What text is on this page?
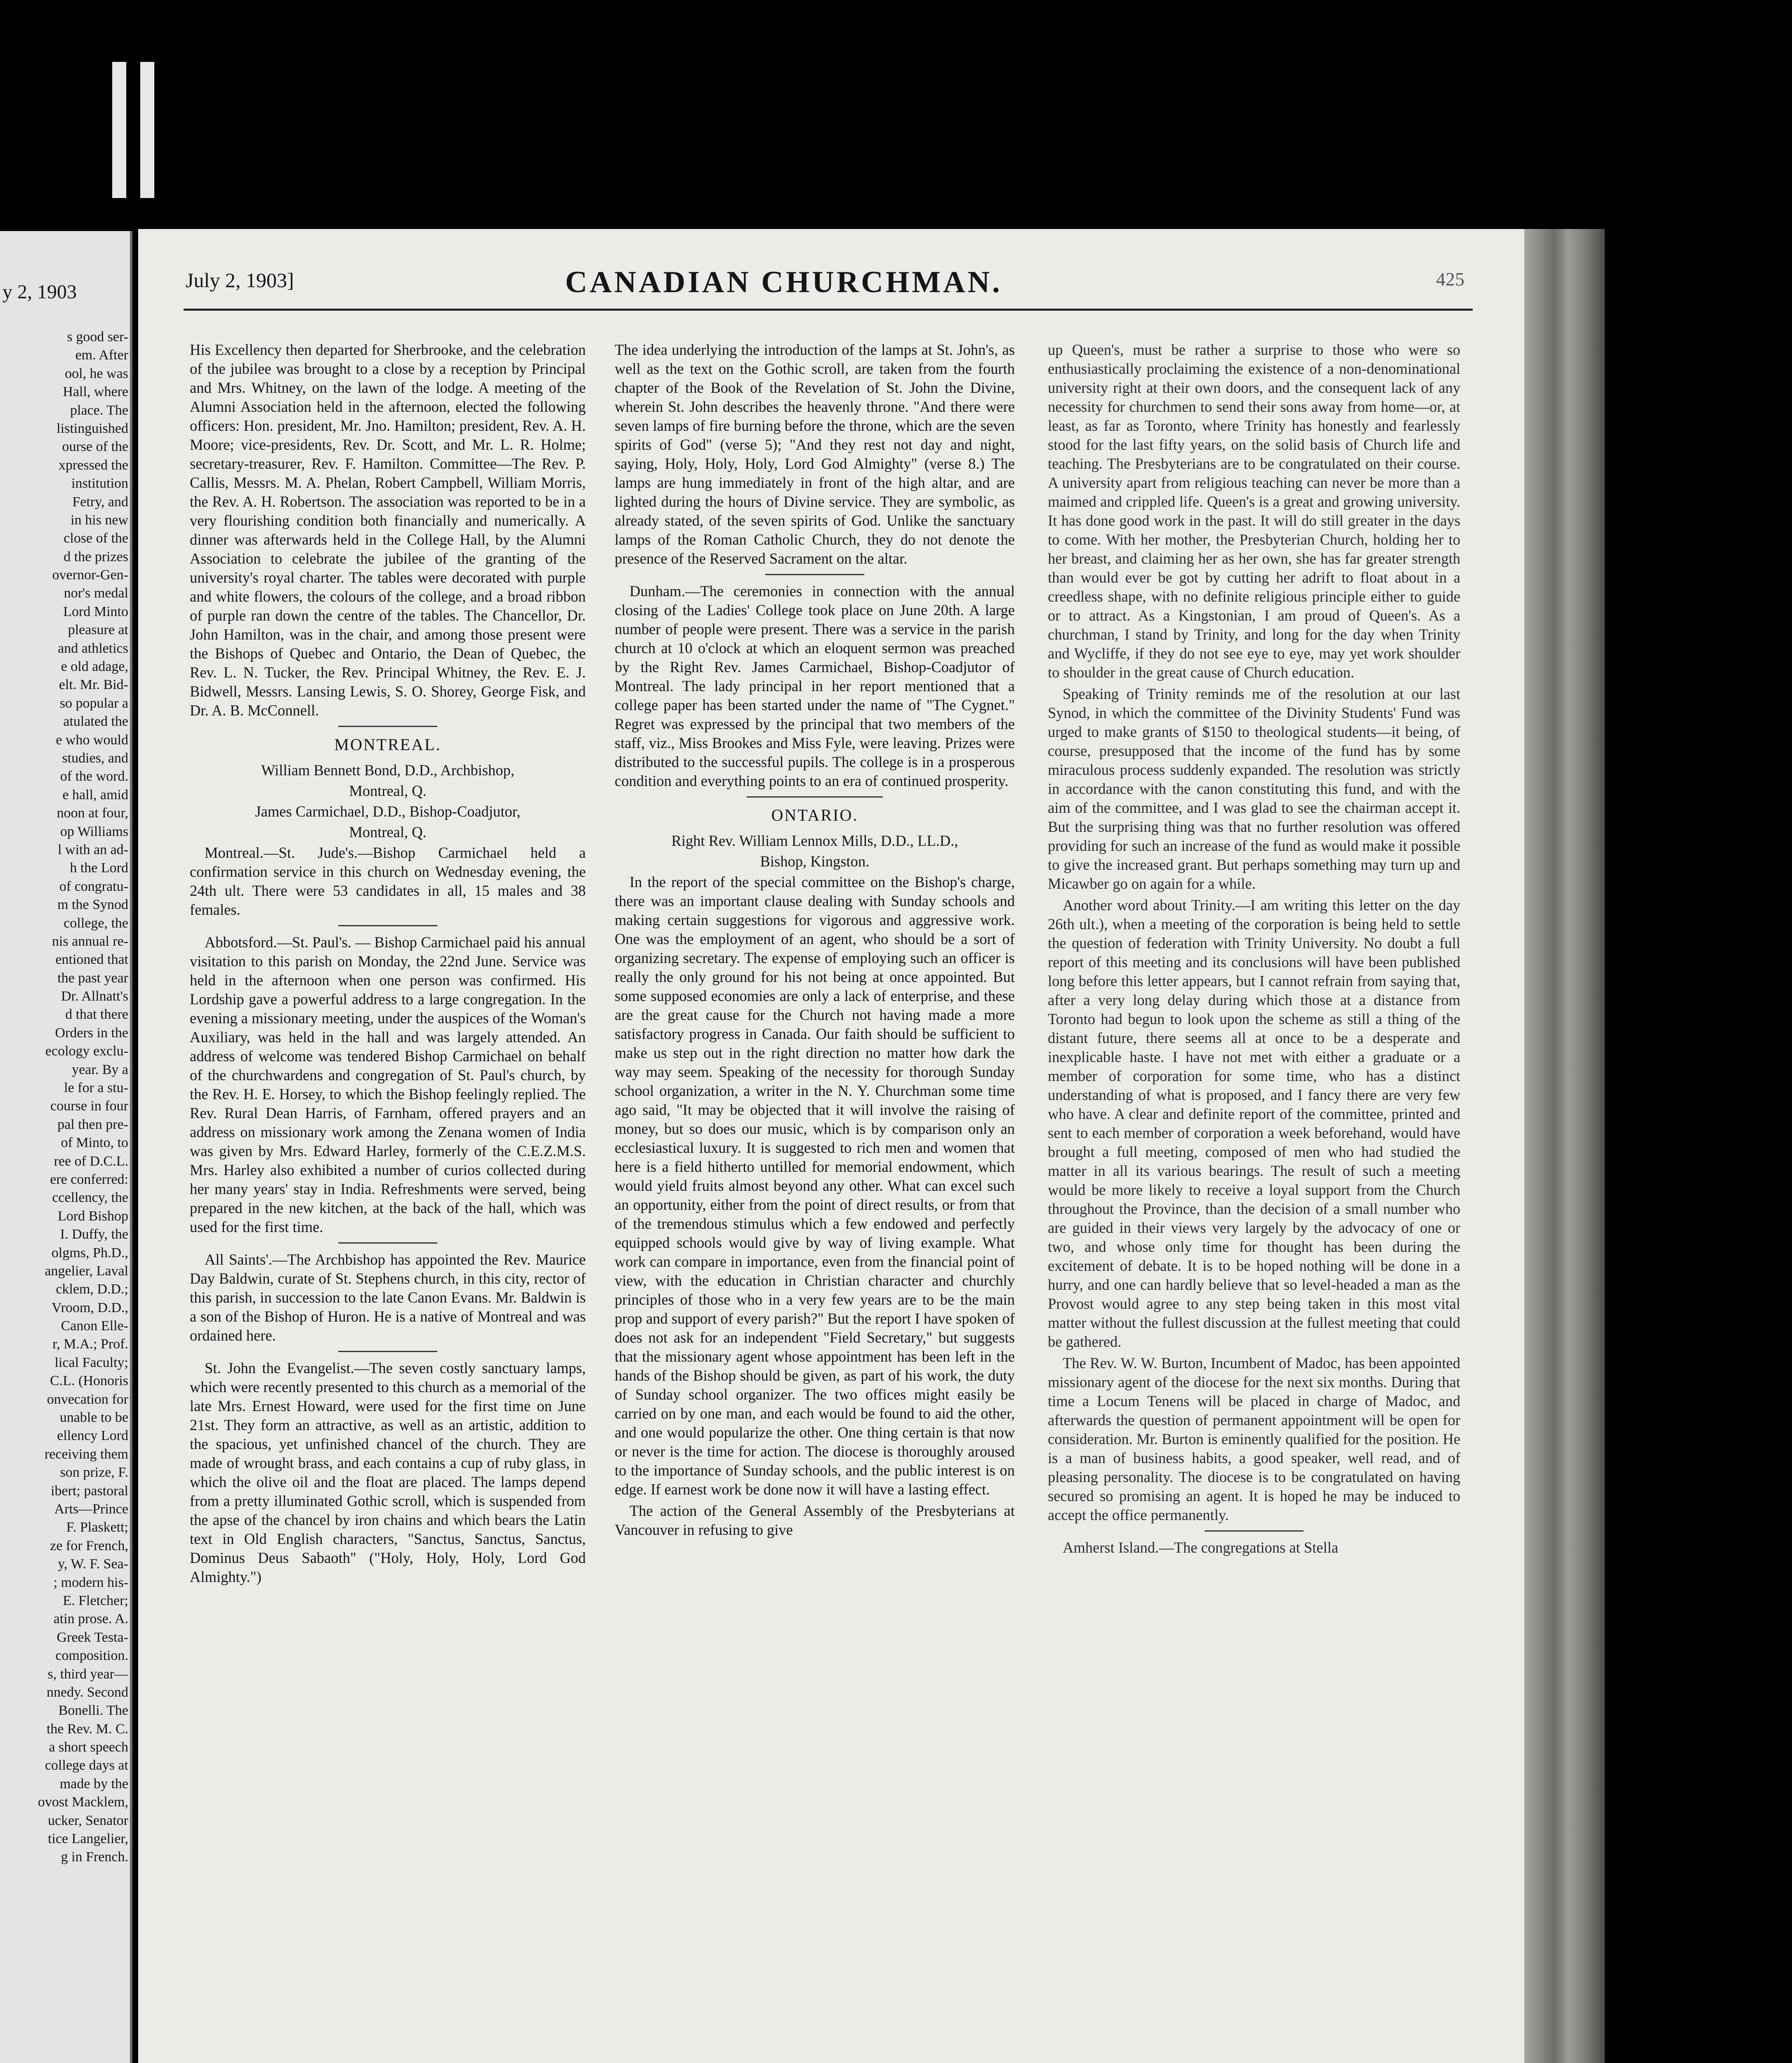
y 2, 1903
s good ser-
em. After
ool, he was
Hall, where
place. The
listinguished
ourse of the
xpressed the
institution
Fetry, and
in his new
close of the
d the prizes
overnor-Gen-
nor's medal
Lord Minto
pleasure at
and athletics
e old adage,
elt. Mr. Bid-
so popular a
atulated the
e who would
studies, and
of the word.
e hall, amid
noon at four,
op Williams
l with an ad-
h the Lord
of congratu-
m the Synod
college, the
nis annual re-
entioned that
the past year
Dr. Allnatt's
d that there
Orders in the
ecology exclu-
year. By a
le for a stu-
course in four
pal then pre-
of Minto, to
ree of D.C.L.
ere conferred:
ccellency, the
Lord Bishop
I. Duffy, the
olgms, Ph.D.,
angelier, Laval
cklem, D.D.;
Vroom, D.D.,
Canon Elle-
r, M.A.; Prof.
lical Faculty;
C.L. (Honoris
onvecation for
unable to be
ellency Lord
receiving them
son prize, F.
ibert; pastoral
Arts—Prince
F. Plaskett;
ze for French,
y, W. F. Sea-
; modern his-
E. Fletcher;
atin prose. A.
Greek Testa-
composition.
s, third year—
nnedy. Second
Bonelli. The
the Rev. M. C.
a short speech
college days at
made by the
ovost Macklem,
ucker, Senator
tice Langelier,
g in French.
July 2, 1903]	CANADIAN CHURCHMAN.	425

His Excellency then departed for Sherbrooke, and the celebration of the jubilee was brought to a close by a reception by Principal and Mrs. Whitney, on the lawn of the lodge. A meeting of the Alumni Association held in the afternoon, elected the following officers: Hon. president, Mr. Jno. Hamilton; president, Rev. A. H. Moore; vice-presidents, Rev. Dr. Scott, and Mr. L. R. Holme; secretary-treasurer, Rev. F. Hamilton. Committee—The Rev. P. Callis, Messrs. M. A. Phelan, Robert Campbell, William Morris, the Rev. A. H. Robertson. The association was reported to be in a very flourishing condition both financially and numerically. A dinner was afterwards held in the College Hall, by the Alumni Association to celebrate the jubilee of the granting of the university's royal charter. The tables were decorated with purple and white flowers, the colours of the college, and a broad ribbon of purple ran down the centre of the tables. The Chancellor, Dr. John Hamilton, was in the chair, and among those present were the Bishops of Quebec and Ontario, the Dean of Quebec, the Rev. L. N. Tucker, the Rev. Principal Whitney, the Rev. E. J. Bidwell, Messrs. Lansing Lewis, S. O. Shorey, George Fisk, and Dr. A. B. McConnell.

MONTREAL.

William Bennett Bond, D.D., Archbishop,

Montreal, Q.

James Carmichael, D.D., Bishop-Coadjutor,

Montreal, Q.

Montreal.—St. Jude's.—Bishop Carmichael held a confirmation service in this church on Wednesday evening, the 24th ult. There were 53 candidates in all, 15 males and 38 females.

Abbotsford.—St. Paul's. — Bishop Carmichael paid his annual visitation to this parish on Monday, the 22nd June. Service was held in the afternoon when one person was confirmed. His Lordship gave a powerful address to a large congregation. In the evening a missionary meeting, under the auspices of the Woman's Auxiliary, was held in the hall and was largely attended. An address of welcome was tendered Bishop Carmichael on behalf of the churchwardens and congregation of St. Paul's church, by the Rev. H. E. Horsey, to which the Bishop feelingly replied. The Rev. Rural Dean Harris, of Farnham, offered prayers and an address on missionary work among the Zenana women of India was given by Mrs. Edward Harley, formerly of the C.E.Z.M.S. Mrs. Harley also exhibited a number of curios collected during her many years' stay in India. Refreshments were served, being prepared in the new kitchen, at the back of the hall, which was used for the first time.

All Saints'.—The Archbishop has appointed the Rev. Maurice Day Baldwin, curate of St. Stephens church, in this city, rector of this parish, in succession to the late Canon Evans. Mr. Baldwin is a son of the Bishop of Huron. He is a native of Montreal and was ordained here.

St. John the Evangelist.—The seven costly sanctuary lamps, which were recently presented to this church as a memorial of the late Mrs. Ernest Howard, were used for the first time on June 21st. They form an attractive, as well as an artistic, addition to the spacious, yet unfinished chancel of the church. They are made of wrought brass, and each contains a cup of ruby glass, in which the olive oil and the float are placed. The lamps depend from a pretty illuminated Gothic scroll, which is suspended from the apse of the chancel by iron chains and which bears the Latin text in Old English characters, "Sanctus, Sanctus, Sanctus, Dominus Deus Sabaoth" ("Holy, Holy, Holy, Lord God Almighty.")

The idea underlying the introduction of the lamps at St. John's, as well as the text on the Gothic scroll, are taken from the fourth chapter of the Book of the Revelation of St. John the Divine, wherein St. John describes the heavenly throne. "And there were seven lamps of fire burning before the throne, which are the seven spirits of God" (verse 5); "And they rest not day and night, saying, Holy, Holy, Holy, Lord God Almighty" (verse 8.) The lamps are hung immediately in front of the high altar, and are lighted during the hours of Divine service. They are symbolic, as already stated, of the seven spirits of God. Unlike the sanctuary lamps of the Roman Catholic Church, they do not denote the presence of the Reserved Sacrament on the altar.

Dunham.—The ceremonies in connection with the annual closing of the Ladies' College took place on June 20th. A large number of people were present. There was a service in the parish church at 10 o'clock at which an eloquent sermon was preached by the Right Rev. James Carmichael, Bishop-Coadjutor of Montreal. The lady principal in her report mentioned that a college paper has been started under the name of "The Cygnet." Regret was expressed by the principal that two members of the staff, viz., Miss Brookes and Miss Fyle, were leaving. Prizes were distributed to the successful pupils. The college is in a prosperous condition and everything points to an era of continued prosperity.

ONTARIO.

Right Rev. William Lennox Mills, D.D., LL.D.,

Bishop, Kingston.

In the report of the special committee on the Bishop's charge, there was an important clause dealing with Sunday schools and making certain suggestions for vigorous and aggressive work. One was the employment of an agent, who should be a sort of organizing secretary. The expense of employing such an officer is really the only ground for his not being at once appointed. But some supposed economies are only a lack of enterprise, and these are the great cause for the Church not having made a more satisfactory progress in Canada. Our faith should be sufficient to make us step out in the right direction no matter how dark the way may seem. Speaking of the necessity for thorough Sunday school organization, a writer in the N. Y. Churchman some time ago said, "It may be objected that it will involve the raising of money, but so does our music, which is by comparison only an ecclesiastical luxury. It is suggested to rich men and women that here is a field hitherto untilled for memorial endowment, which would yield fruits almost beyond any other. What can excel such an opportunity, either from the point of direct results, or from that of the tremendous stimulus which a few endowed and perfectly equipped schools would give by way of living example. What work can compare in importance, even from the financial point of view, with the education in Christian character and churchly principles of those who in a very few years are to be the main prop and support of every parish?" But the report I have spoken of does not ask for an independent "Field Secretary," but suggests that the missionary agent whose appointment has been left in the hands of the Bishop should be given, as part of his work, the duty of Sunday school organizer. The two offices might easily be carried on by one man, and each would be found to aid the other, and one would popularize the other. One thing certain is that now or never is the time for action. The diocese is thoroughly aroused to the importance of Sunday schools, and the public interest is on edge. If earnest work be done now it will have a lasting effect.

The action of the General Assembly of the Presbyterians at Vancouver in refusing to give

up Queen's, must be rather a surprise to those who were so enthusiastically proclaiming the existence of a non-denominational university right at their own doors, and the consequent lack of any necessity for churchmen to send their sons away from home—or, at least, as far as Toronto, where Trinity has honestly and fearlessly stood for the last fifty years, on the solid basis of Church life and teaching. The Presbyterians are to be congratulated on their course. A university apart from religious teaching can never be more than a maimed and crippled life. Queen's is a great and growing university. It has done good work in the past. It will do still greater in the days to come. With her mother, the Presbyterian Church, holding her to her breast, and claiming her as her own, she has far greater strength than would ever be got by cutting her adrift to float about in a creedless shape, with no definite religious principle either to guide or to attract. As a Kingstonian, I am proud of Queen's. As a churchman, I stand by Trinity, and long for the day when Trinity and Wycliffe, if they do not see eye to eye, may yet work shoulder to shoulder in the great cause of Church education.

Speaking of Trinity reminds me of the resolution at our last Synod, in which the committee of the Divinity Students' Fund was urged to make grants of $150 to theological students—it being, of course, presupposed that the income of the fund has by some miraculous process suddenly expanded. The resolution was strictly in accordance with the canon constituting this fund, and with the aim of the committee, and I was glad to see the chairman accept it. But the surprising thing was that no further resolution was offered providing for such an increase of the fund as would make it possible to give the increased grant. But perhaps something may turn up and Micawber go on again for a while.

Another word about Trinity.—I am writing this letter on the day 26th ult.), when a meeting of the corporation is being held to settle the question of federation with Trinity University. No doubt a full report of this meeting and its conclusions will have been published long before this letter appears, but I cannot refrain from saying that, after a very long delay during which those at a distance from Toronto had begun to look upon the scheme as still a thing of the distant future, there seems all at once to be a desperate and inexplicable haste. I have not met with either a graduate or a member of corporation for some time, who has a distinct understanding of what is proposed, and I fancy there are very few who have. A clear and definite report of the committee, printed and sent to each member of corporation a week beforehand, would have brought a full meeting, composed of men who had studied the matter in all its various bearings. The result of such a meeting would be more likely to receive a loyal support from the Church throughout the Province, than the decision of a small number who are guided in their views very largely by the advocacy of one or two, and whose only time for thought has been during the excitement of debate. It is to be hoped nothing will be done in a hurry, and one can hardly believe that so level-headed a man as the Provost would agree to any step being taken in this most vital matter without the fullest discussion at the fullest meeting that could be gathered.

The Rev. W. W. Burton, Incumbent of Madoc, has been appointed missionary agent of the diocese for the next six months. During that time a Locum Tenens will be placed in charge of Madoc, and afterwards the question of permanent appointment will be open for consideration. Mr. Burton is eminently qualified for the position. He is a man of business habits, a good speaker, well read, and of pleasing personality. The diocese is to be congratulated on having secured so promising an agent. It is hoped he may be induced to accept the office permanently.

Amherst Island.—The congregations at Stella
